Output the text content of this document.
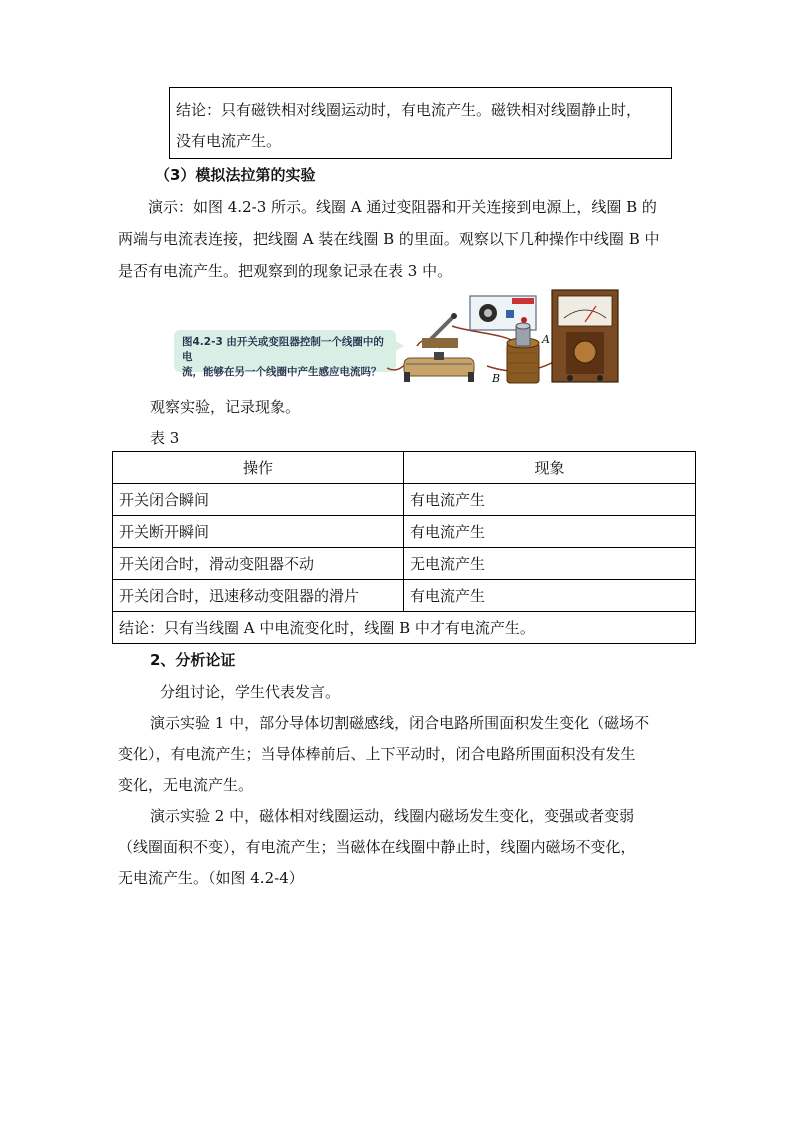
结论：只有磁铁相对线圈运动时，有电流产生。磁铁相对线圈静止时，
没有电流产生。
（3）模拟法拉第的实验
演示：如图 4.2-3 所示。线圈 A 通过变阻器和开关连接到电源上，线圈 B 的
两端与电流表连接，把线圈 A 装在线圈 B 的里面。观察以下几种操作中线圈 B 中
是否有电流产生。把观察到的现象记录在表 3 中。
图4.2-3 由开关或变阻器控制一个线圈中的电
流，能够在另一个线圈中产生感应电流吗？
A
B
观察实验，记录现象。
表 3
操作	现象
开关闭合瞬间	有电流产生
开关断开瞬间	有电流产生
开关闭合时，滑动变阻器不动	无电流产生
开关闭合时，迅速移动变阻器的滑片	有电流产生
结论：只有当线圈 A 中电流变化时，线圈 B 中才有电流产生。	
2、分析论证
分组讨论，学生代表发言。
演示实验 1 中，部分导体切割磁感线，闭合电路所围面积发生变化（磁场不
变化），有电流产生；当导体棒前后、上下平动时，闭合电路所围面积没有发生
变化，无电流产生。
演示实验 2 中，磁体相对线圈运动，线圈内磁场发生变化，变强或者变弱
（线圈面积不变），有电流产生；当磁体在线圈中静止时，线圈内磁场不变化，
无电流产生。（如图 4.2-4）
